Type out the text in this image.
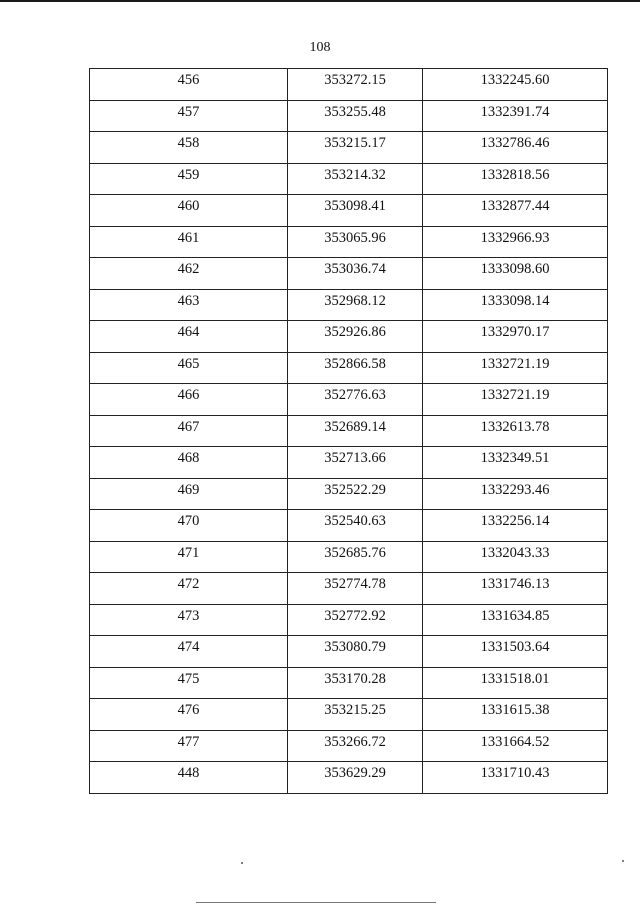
108
456	353272.15	1332245.60

457	353255.48	1332391.74

458	353215.17	1332786.46

459	353214.32	1332818.56

460	353098.41	1332877.44

461	353065.96	1332966.93

462	353036.74	1333098.60

463	352968.12	1333098.14

464	352926.86	1332970.17

465	352866.58	1332721.19

466	352776.63	1332721.19

467	352689.14	1332613.78

468	352713.66	1332349.51

469	352522.29	1332293.46

470	352540.63	1332256.14

471	352685.76	1332043.33

472	352774.78	1331746.13

473	352772.92	1331634.85

474	353080.79	1331503.64

475	353170.28	1331518.01

476	353215.25	1331615.38

477	353266.72	1331664.52

448	353629.29	1331710.43
